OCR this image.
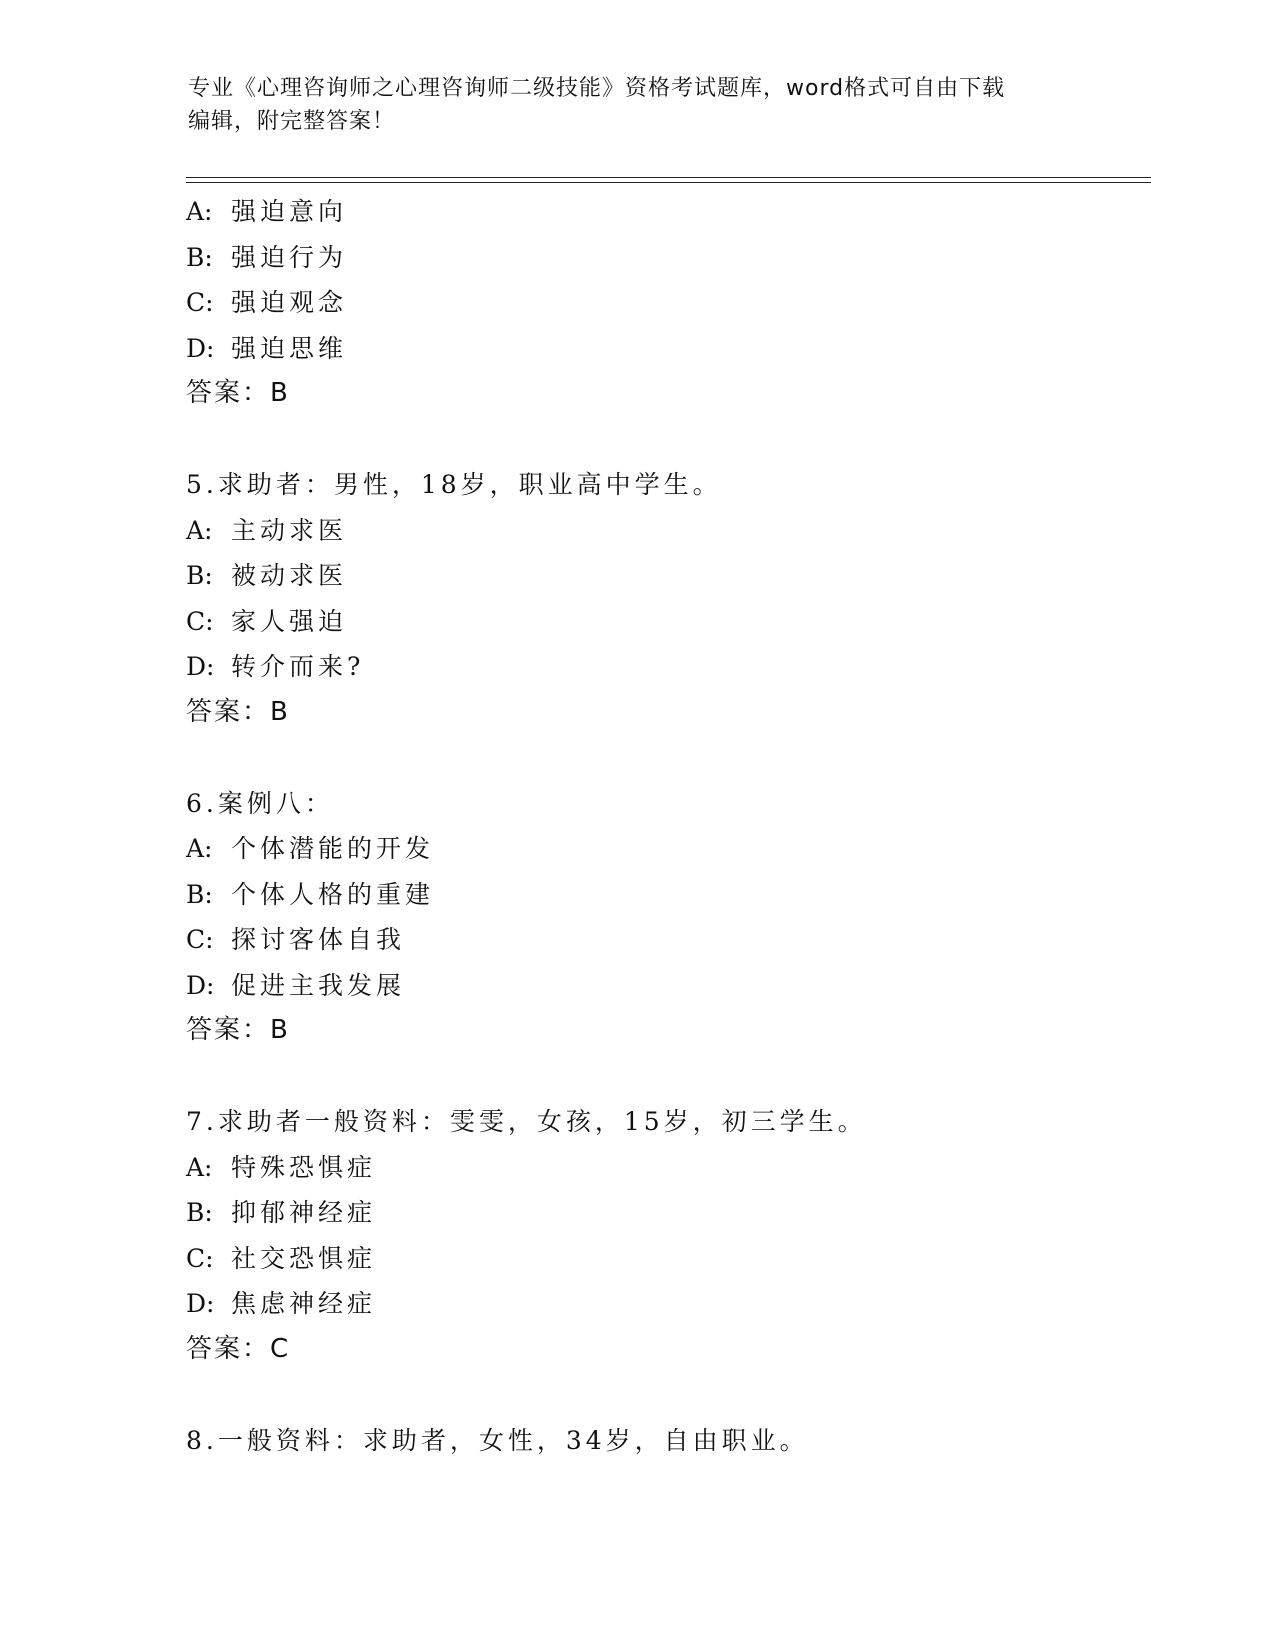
专业《心理咨询师之心理咨询师二级技能》资格考试题库，word格式可自由下载
编辑，附完整答案！
A: 强迫意向
B: 强迫行为
C: 强迫观念
D: 强迫思维
答案：B
5.求助者：男性，18岁，职业高中学生。
A: 主动求医
B: 被动求医
C: 家人强迫
D: 转介而来?
答案：B
6.案例八：
A: 个体潜能的开发
B: 个体人格的重建
C: 探讨客体自我
D: 促进主我发展
答案：B
7.求助者一般资料：雯雯，女孩，15岁，初三学生。
A: 特殊恐惧症
B: 抑郁神经症
C: 社交恐惧症
D: 焦虑神经症
答案：C
8.一般资料：求助者，女性，34岁，自由职业。
